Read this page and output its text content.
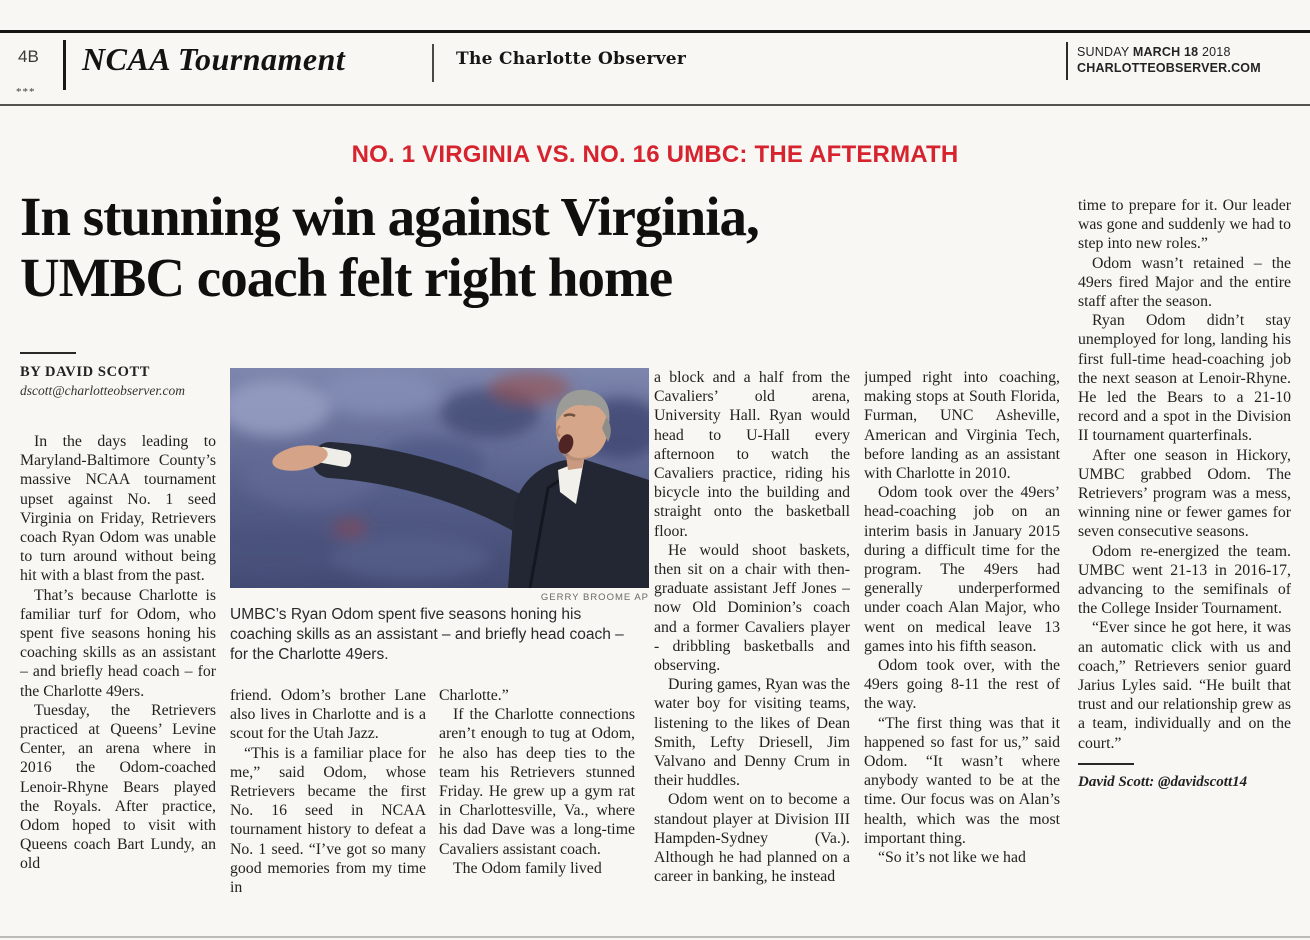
4B NCAA Tournament	The Charlotte Observer	SUNDAY MARCH 18 2018
CHARLOTTEOBSERVER.COM
***
NO. 1 VIRGINIA VS. NO. 16 UMBC: THE AFTERMATH
In stunning win against Virginia,
UMBC coach felt right home
BY DAVID SCOTT
dscott@charlotteobserver.com
GERRY BROOME AP
UMBC’s Ryan Odom spent five seasons honing his coaching skills as an assistant – and briefly head coach – for the Charlotte 49ers.

In the days leading to Maryland-Baltimore County’s massive NCAA tournament upset against No. 1 seed Virginia on Friday, Retrievers coach Ryan Odom was unable to turn around without being hit with a blast from the past.

That’s because Charlotte is familiar turf for Odom, who spent five seasons honing his coaching skills as an assistant – and briefly head coach – for the Charlotte 49ers.

Tuesday, the Retrievers practiced at Queens’ Levine Center, an arena where in 2016 the Odom-coached Lenoir-Rhyne Bears played the Royals. After practice, Odom hoped to visit with Queens coach Bart Lundy, an old

friend. Odom’s brother Lane also lives in Charlotte and is a scout for the Utah Jazz.

“This is a familiar place for me,” said Odom, whose Retrievers became the first No. 16 seed in NCAA tournament history to defeat a No. 1 seed. “I’ve got so many good memories from my time in

Charlotte.”

If the Charlotte connections aren’t enough to tug at Odom, he also has deep ties to the team his Retrievers stunned Friday. He grew up a gym rat in Charlottesville, Va., where his dad Dave was a long-time Cavaliers assistant coach.

The Odom family lived

a block and a half from the Cavaliers’ old arena, University Hall. Ryan would head to U-Hall every afternoon to watch the Cavaliers practice, riding his bicycle into the building and straight onto the basketball floor.

He would shoot baskets, then sit on a chair with then-graduate assistant Jeff Jones – now Old Dominion’s coach and a former Cavaliers player - dribbling basketballs and observing.

During games, Ryan was the water boy for visiting teams, listening to the likes of Dean Smith, Lefty Driesell, Jim Valvano and Denny Crum in their huddles.

Odom went on to become a standout player at Division III Hampden-Sydney (Va.). Although he had planned on a career in banking, he instead

jumped right into coaching, making stops at South Florida, Furman, UNC Asheville, American and Virginia Tech, before landing as an assistant with Charlotte in 2010.

Odom took over the 49ers’ head-coaching job on an interim basis in January 2015 during a difficult time for the program. The 49ers had generally underperformed under coach Alan Major, who went on medical leave 13 games into his fifth season.

Odom took over, with the 49ers going 8-11 the rest of the way.

“The first thing was that it happened so fast for us,” said Odom. “It wasn’t where anybody wanted to be at the time. Our focus was on Alan’s health, which was the most important thing.

“So it’s not like we had

time to prepare for it. Our leader was gone and suddenly we had to step into new roles.”

Odom wasn’t retained – the 49ers fired Major and the entire staff after the season.

Ryan Odom didn’t stay unemployed for long, landing his first full-time head-coaching job the next season at Lenoir-Rhyne. He led the Bears to a 21-10 record and a spot in the Division II tournament quarterfinals.

After one season in Hickory, UMBC grabbed Odom. The Retrievers’ program was a mess, winning nine or fewer games for seven consecutive seasons.

Odom re-energized the team. UMBC went 21-13 in 2016-17, advancing to the semifinals of the College Insider Tournament.

“Ever since he got here, it was an automatic click with us and coach,” Retrievers senior guard Jarius Lyles said. “He built that trust and our relationship grew as a team, individually and on the court.”

David Scott: @davidscott14
